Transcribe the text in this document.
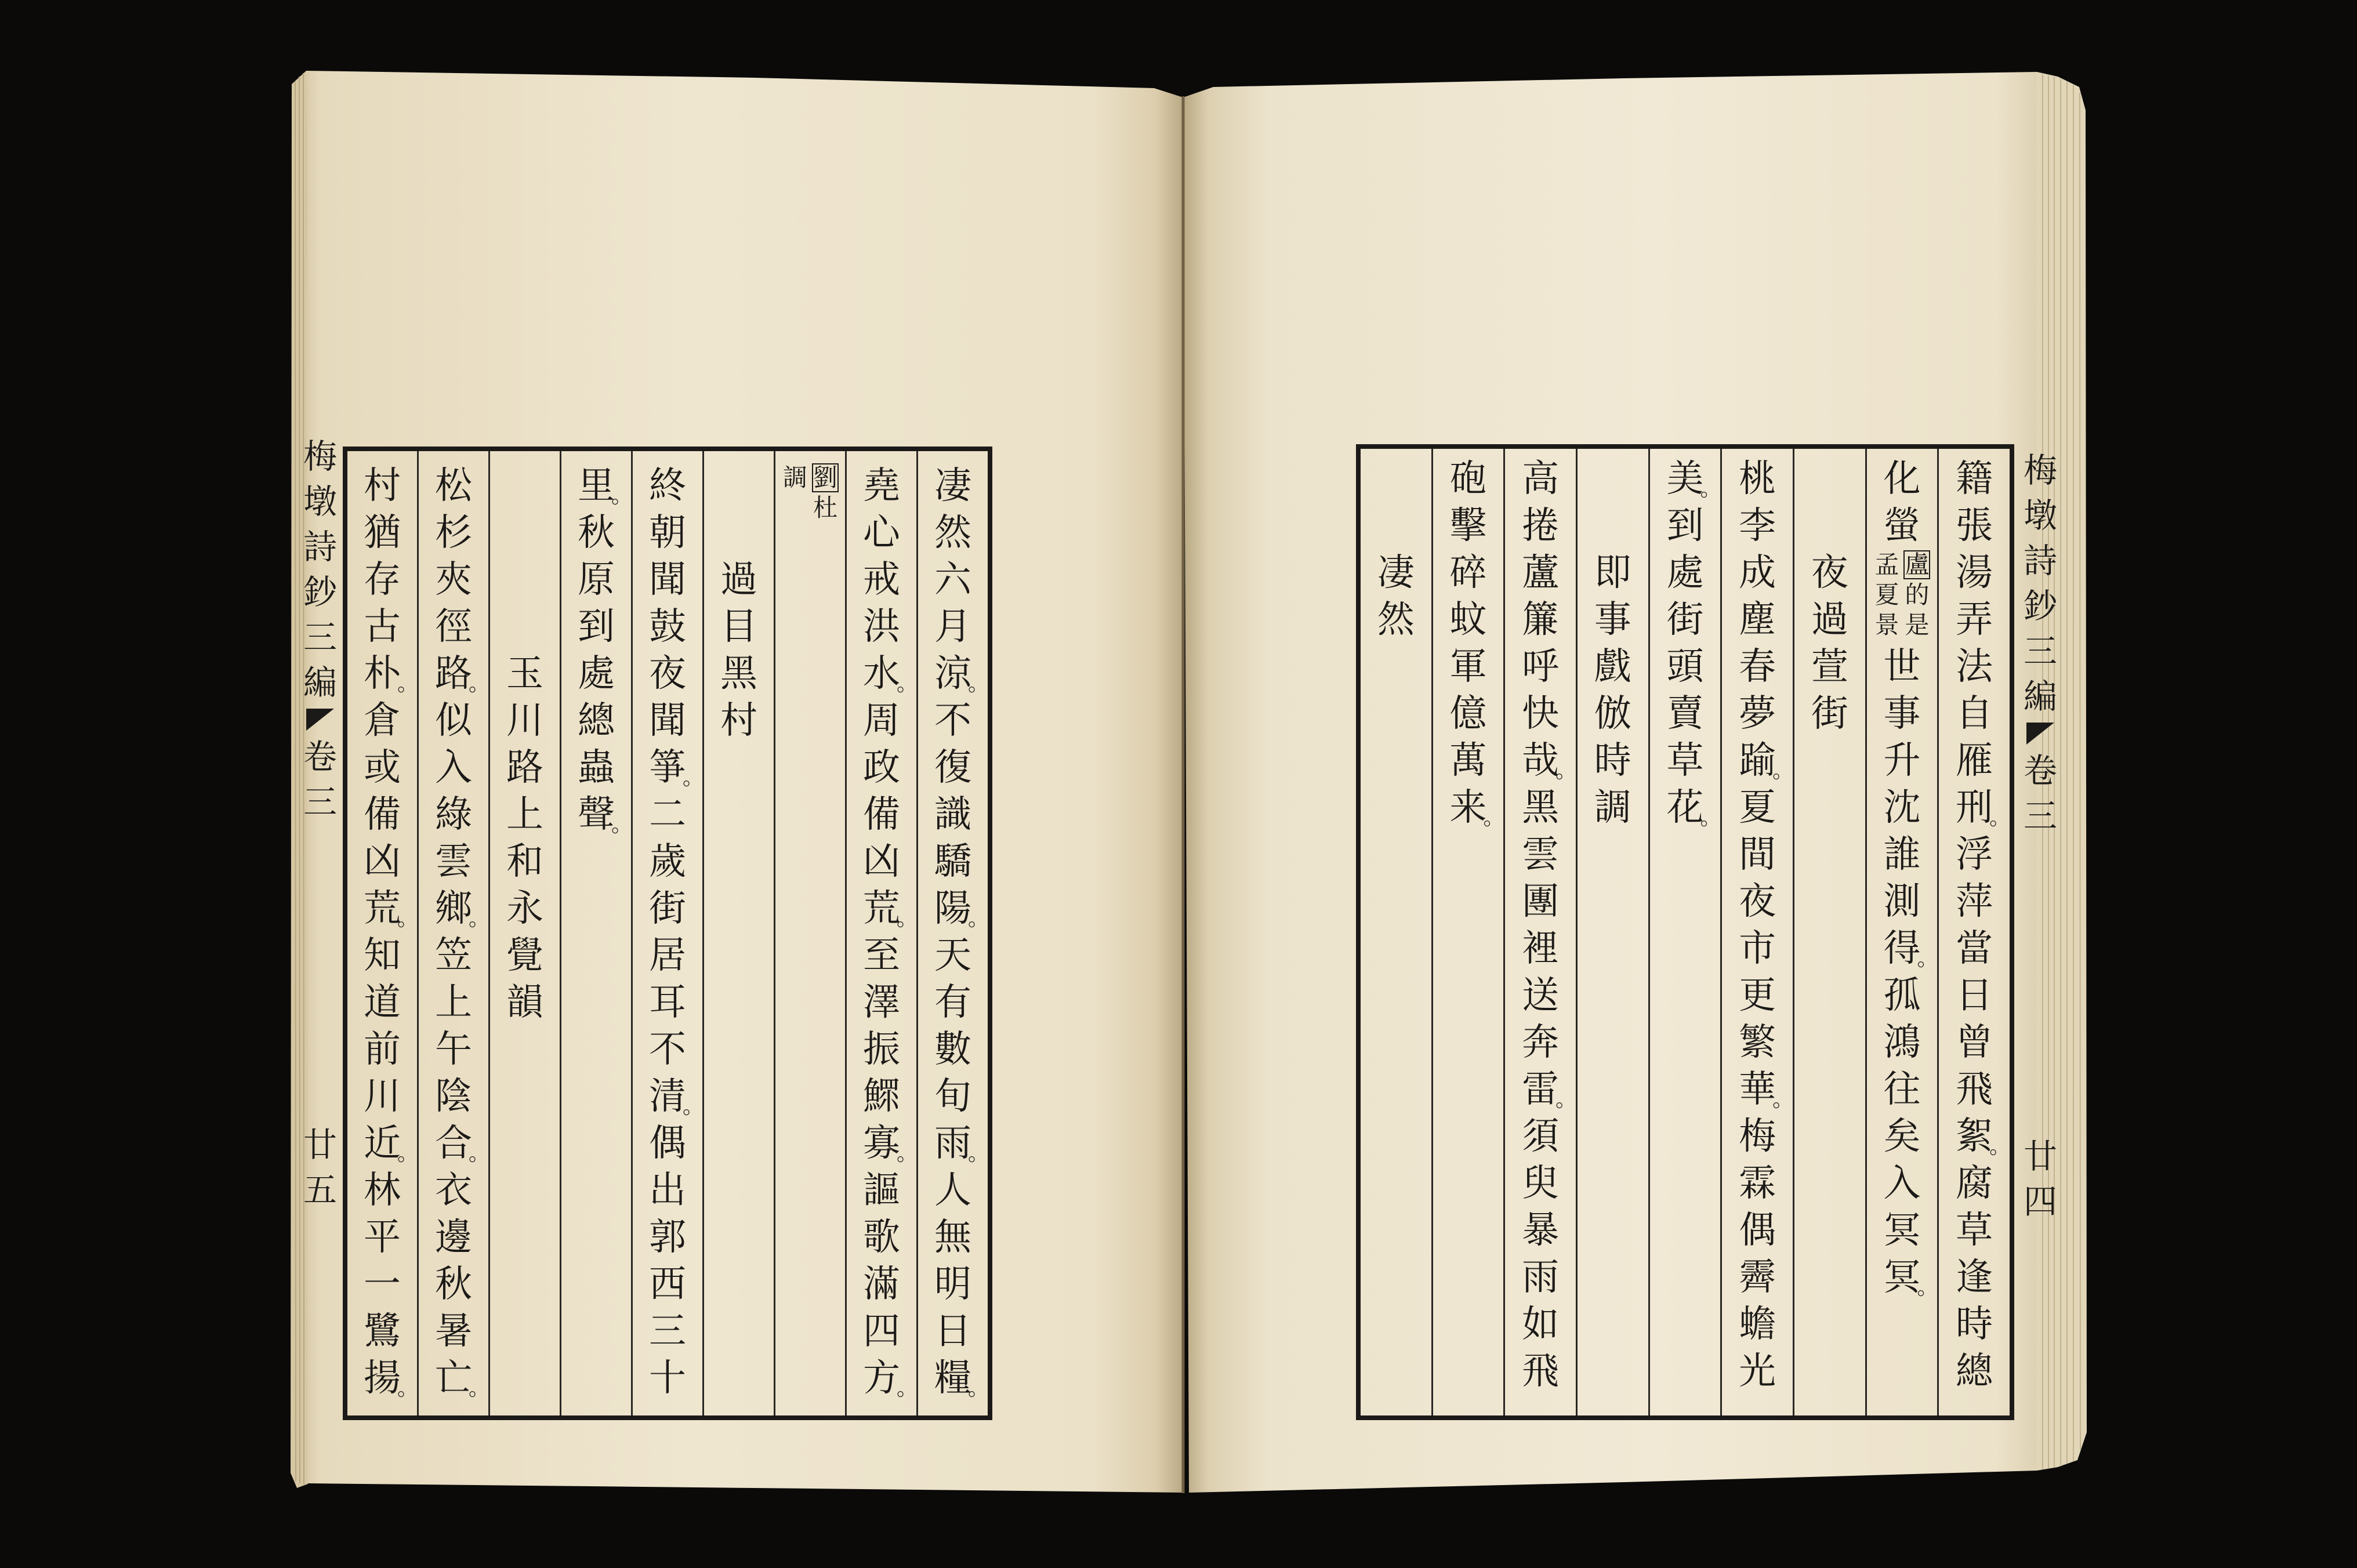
梅
墩
詩
鈔
三
編
卷
三
廿
四
籍
張
湯
弄
法
自
雁
刑
。
浮
萍
當
日
曾
飛
絮
。
腐
草
逢
時
總
化
螢
盧
的
是
孟
夏
景
世
事
升
沈
誰
測
得
。
孤
鴻
往
矣
入
冥
冥
。
夜
過
萱
街
桃
李
成
塵
春
夢
踰
。
夏
間
夜
市
更
繁
華
。
梅
霖
偶
霽
蟾
光
美
。
到
處
街
頭
賣
草
花
。
即
事
戲
倣
時
調
高
捲
蘆
簾
呼
快
哉
。
黑
雲
團
裡
送
奔
雷
。
須
臾
暴
雨
如
飛
砲
擊
碎
蚊
軍
億
萬
来
。
凄
然
梅
墩
詩
鈔
三
編
卷
三
廿
五
凄
然
六
月
涼
。
不
復
識
驕
陽
。
天
有
數
旬
雨
。
人
無
明
日
糧
。
堯
心
戒
洪
水
。
周
政
備
凶
荒
。
至
澤
振
鰥
寡
。
謳
歌
滿
四
方
。
劉
杜
調
過
目
黑
村
終
朝
聞
鼓
夜
聞
箏
。
二
歲
街
居
耳
不
清
。
偶
出
郭
西
三
十
里
。
秋
原
到
處
總
蟲
聲
。
玉
川
路
上
和
永
覺
韻
松
杉
夾
徑
路
。
似
入
綠
雲
鄉
。
笠
上
午
陰
合
。
衣
邊
秋
暑
亡
。
村
猶
存
古
朴
。
倉
或
備
凶
荒
。
知
道
前
川
近
。
林
平
一
鷺
揚
。
